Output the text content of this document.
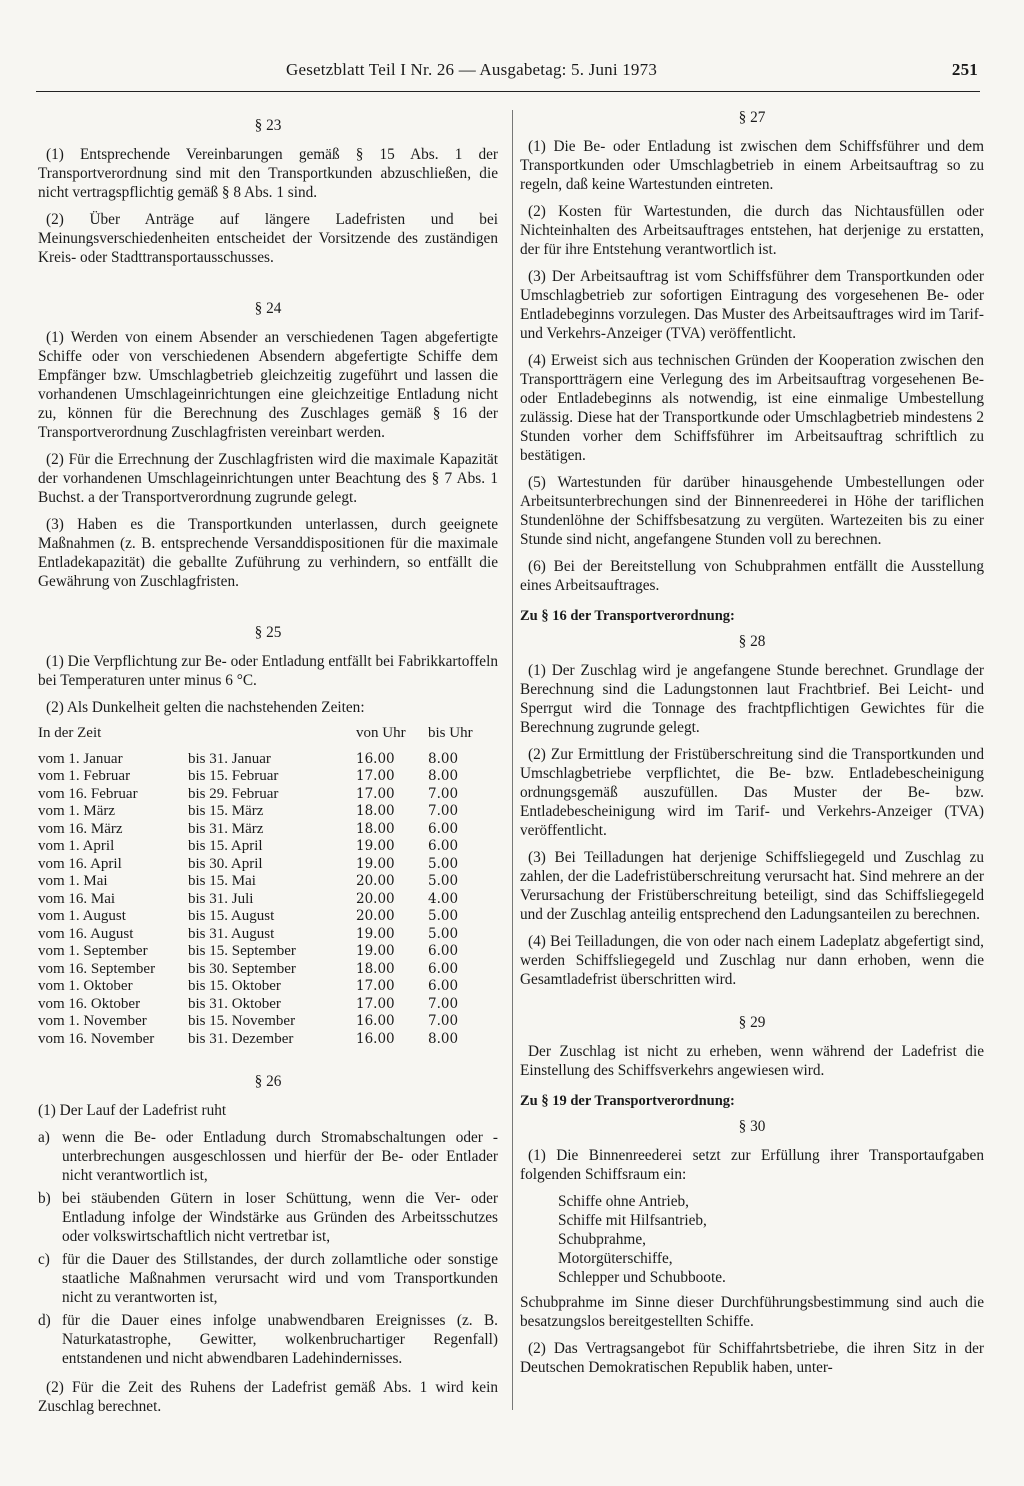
Gesetzblatt Teil I Nr. 26 — Ausgabetag: 5. Juni 1973	251
§ 23

(1) Entsprechende Vereinbarungen gemäß § 15 Abs. 1 der Transportverordnung sind mit den Transportkunden abzuschließen, die nicht vertragspflichtig gemäß § 8 Abs. 1 sind.

(2) Über Anträge auf längere Ladefristen und bei Meinungsverschiedenheiten entscheidet der Vorsitzende des zuständigen Kreis- oder Stadttransportausschusses.

§ 24

(1) Werden von einem Absender an verschiedenen Tagen abgefertigte Schiffe oder von verschiedenen Absendern abgefertigte Schiffe dem Empfänger bzw. Umschlagbetrieb gleichzeitig zugeführt und lassen die vorhandenen Umschlageinrichtungen eine gleichzeitige Entladung nicht zu, können für die Berechnung des Zuschlages gemäß § 16 der Transportverordnung Zuschlagfristen vereinbart werden.

(2) Für die Errechnung der Zuschlagfristen wird die maximale Kapazität der vorhandenen Umschlageinrichtungen unter Beachtung des § 7 Abs. 1 Buchst. a der Transportverordnung zugrunde gelegt.

(3) Haben es die Transportkunden unterlassen, durch geeignete Maßnahmen (z. B. entsprechende Versanddispositionen für die maximale Entladekapazität) die geballte Zuführung zu verhindern, so entfällt die Gewährung von Zuschlagfristen.

§ 25

(1) Die Verpflichtung zur Be- oder Entladung entfällt bei Fabrikkartoffeln bei Temperaturen unter minus 6 °C.

(2) Als Dunkelheit gelten die nachstehenden Zeiten:

In der Zeit		von Uhr	bis Uhr
vom 1. Januar	bis 31. Januar	16.00	8.00
vom 1. Februar	bis 15. Februar	17.00	8.00
vom 16. Februar	bis 29. Februar	17.00	7.00
vom 1. März	bis 15. März	18.00	7.00
vom 16. März	bis 31. März	18.00	6.00
vom 1. April	bis 15. April	19.00	6.00
vom 16. April	bis 30. April	19.00	5.00
vom 1. Mai	bis 15. Mai	20.00	5.00
vom 16. Mai	bis 31. Juli	20.00	4.00
vom 1. August	bis 15. August	20.00	5.00
vom 16. August	bis 31. August	19.00	5.00
vom 1. September	bis 15. September	19.00	6.00
vom 16. September	bis 30. September	18.00	6.00
vom 1. Oktober	bis 15. Oktober	17.00	6.00
vom 16. Oktober	bis 31. Oktober	17.00	7.00
vom 1. November	bis 15. November	16.00	7.00
vom 16. November	bis 31. Dezember	16.00	8.00
§ 26

(1) Der Lauf der Ladefrist ruht

a) wenn die Be- oder Entladung durch Stromabschaltungen oder -unterbrechungen ausgeschlossen und hierfür der Be- oder Entlader nicht verantwortlich ist,
b) bei stäubenden Gütern in loser Schüttung, wenn die Ver- oder Entladung infolge der Windstärke aus Gründen des Arbeitsschutzes oder volkswirtschaftlich nicht vertretbar ist,
c) für die Dauer des Stillstandes, der durch zollamtliche oder sonstige staatliche Maßnahmen verursacht wird und vom Transportkunden nicht zu verantworten ist,
d) für die Dauer eines infolge unabwendbaren Ereignisses (z. B. Naturkatastrophe, Gewitter, wolkenbruchartiger Regenfall) entstandenen und nicht abwendbaren Ladehindernisses.

(2) Für die Zeit des Ruhens der Ladefrist gemäß Abs. 1 wird kein Zuschlag berechnet.

§ 27

(1) Die Be- oder Entladung ist zwischen dem Schiffsführer und dem Transportkunden oder Umschlagbetrieb in einem Arbeitsauftrag so zu regeln, daß keine Wartestunden eintreten.

(2) Kosten für Wartestunden, die durch das Nichtausfüllen oder Nichteinhalten des Arbeitsauftrages entstehen, hat derjenige zu erstatten, der für ihre Entstehung verantwortlich ist.

(3) Der Arbeitsauftrag ist vom Schiffsführer dem Transportkunden oder Umschlagbetrieb zur sofortigen Eintragung des vorgesehenen Be- oder Entladebeginns vorzulegen. Das Muster des Arbeitsauftrages wird im Tarif- und Verkehrs-Anzeiger (TVA) veröffentlicht.

(4) Erweist sich aus technischen Gründen der Kooperation zwischen den Transportträgern eine Verlegung des im Arbeitsauftrag vorgesehenen Be- oder Entladebeginns als notwendig, ist eine einmalige Umbestellung zulässig. Diese hat der Transportkunde oder Umschlagbetrieb mindestens 2 Stunden vorher dem Schiffsführer im Arbeitsauftrag schriftlich zu bestätigen.

(5) Wartestunden für darüber hinausgehende Umbestellungen oder Arbeitsunterbrechungen sind der Binnenreederei in Höhe der tariflichen Stundenlöhne der Schiffsbesatzung zu vergüten. Wartezeiten bis zu einer Stunde sind nicht, angefangene Stunden voll zu berechnen.

(6) Bei der Bereitstellung von Schubprahmen entfällt die Ausstellung eines Arbeitsauftrages.

Zu § 16 der Transportverordnung:
§ 28

(1) Der Zuschlag wird je angefangene Stunde berechnet. Grundlage der Berechnung sind die Ladungstonnen laut Frachtbrief. Bei Leicht- und Sperrgut wird die Tonnage des frachtpflichtigen Gewichtes für die Berechnung zugrunde gelegt.

(2) Zur Ermittlung der Fristüberschreitung sind die Transportkunden und Umschlagbetriebe verpflichtet, die Be- bzw. Entladebescheinigung ordnungsgemäß auszufüllen. Das Muster der Be- bzw. Entladebescheinigung wird im Tarif- und Verkehrs-Anzeiger (TVA) veröffentlicht.

(3) Bei Teilladungen hat derjenige Schiffsliegegeld und Zuschlag zu zahlen, der die Ladefristüberschreitung verursacht hat. Sind mehrere an der Verursachung der Fristüberschreitung beteiligt, sind das Schiffsliegegeld und der Zuschlag anteilig entsprechend den Ladungsanteilen zu berechnen.

(4) Bei Teilladungen, die von oder nach einem Ladeplatz abgefertigt sind, werden Schiffsliegegeld und Zuschlag nur dann erhoben, wenn die Gesamtladefrist überschritten wird.

§ 29

Der Zuschlag ist nicht zu erheben, wenn während der Ladefrist die Einstellung des Schiffsverkehrs angewiesen wird.

Zu § 19 der Transportverordnung:
§ 30

(1) Die Binnenreederei setzt zur Erfüllung ihrer Transportaufgaben folgenden Schiffsraum ein:

Schiffe ohne Antrieb,
Schiffe mit Hilfsantrieb,
Schubprahme,
Motorgüterschiffe,
Schlepper und Schubboote.

Schubprahme im Sinne dieser Durchführungsbestimmung sind auch die besatzungslos bereitgestellten Schiffe.

(2) Das Vertragsangebot für Schiffahrtsbetriebe, die ihren Sitz in der Deutschen Demokratischen Republik haben, unter-
